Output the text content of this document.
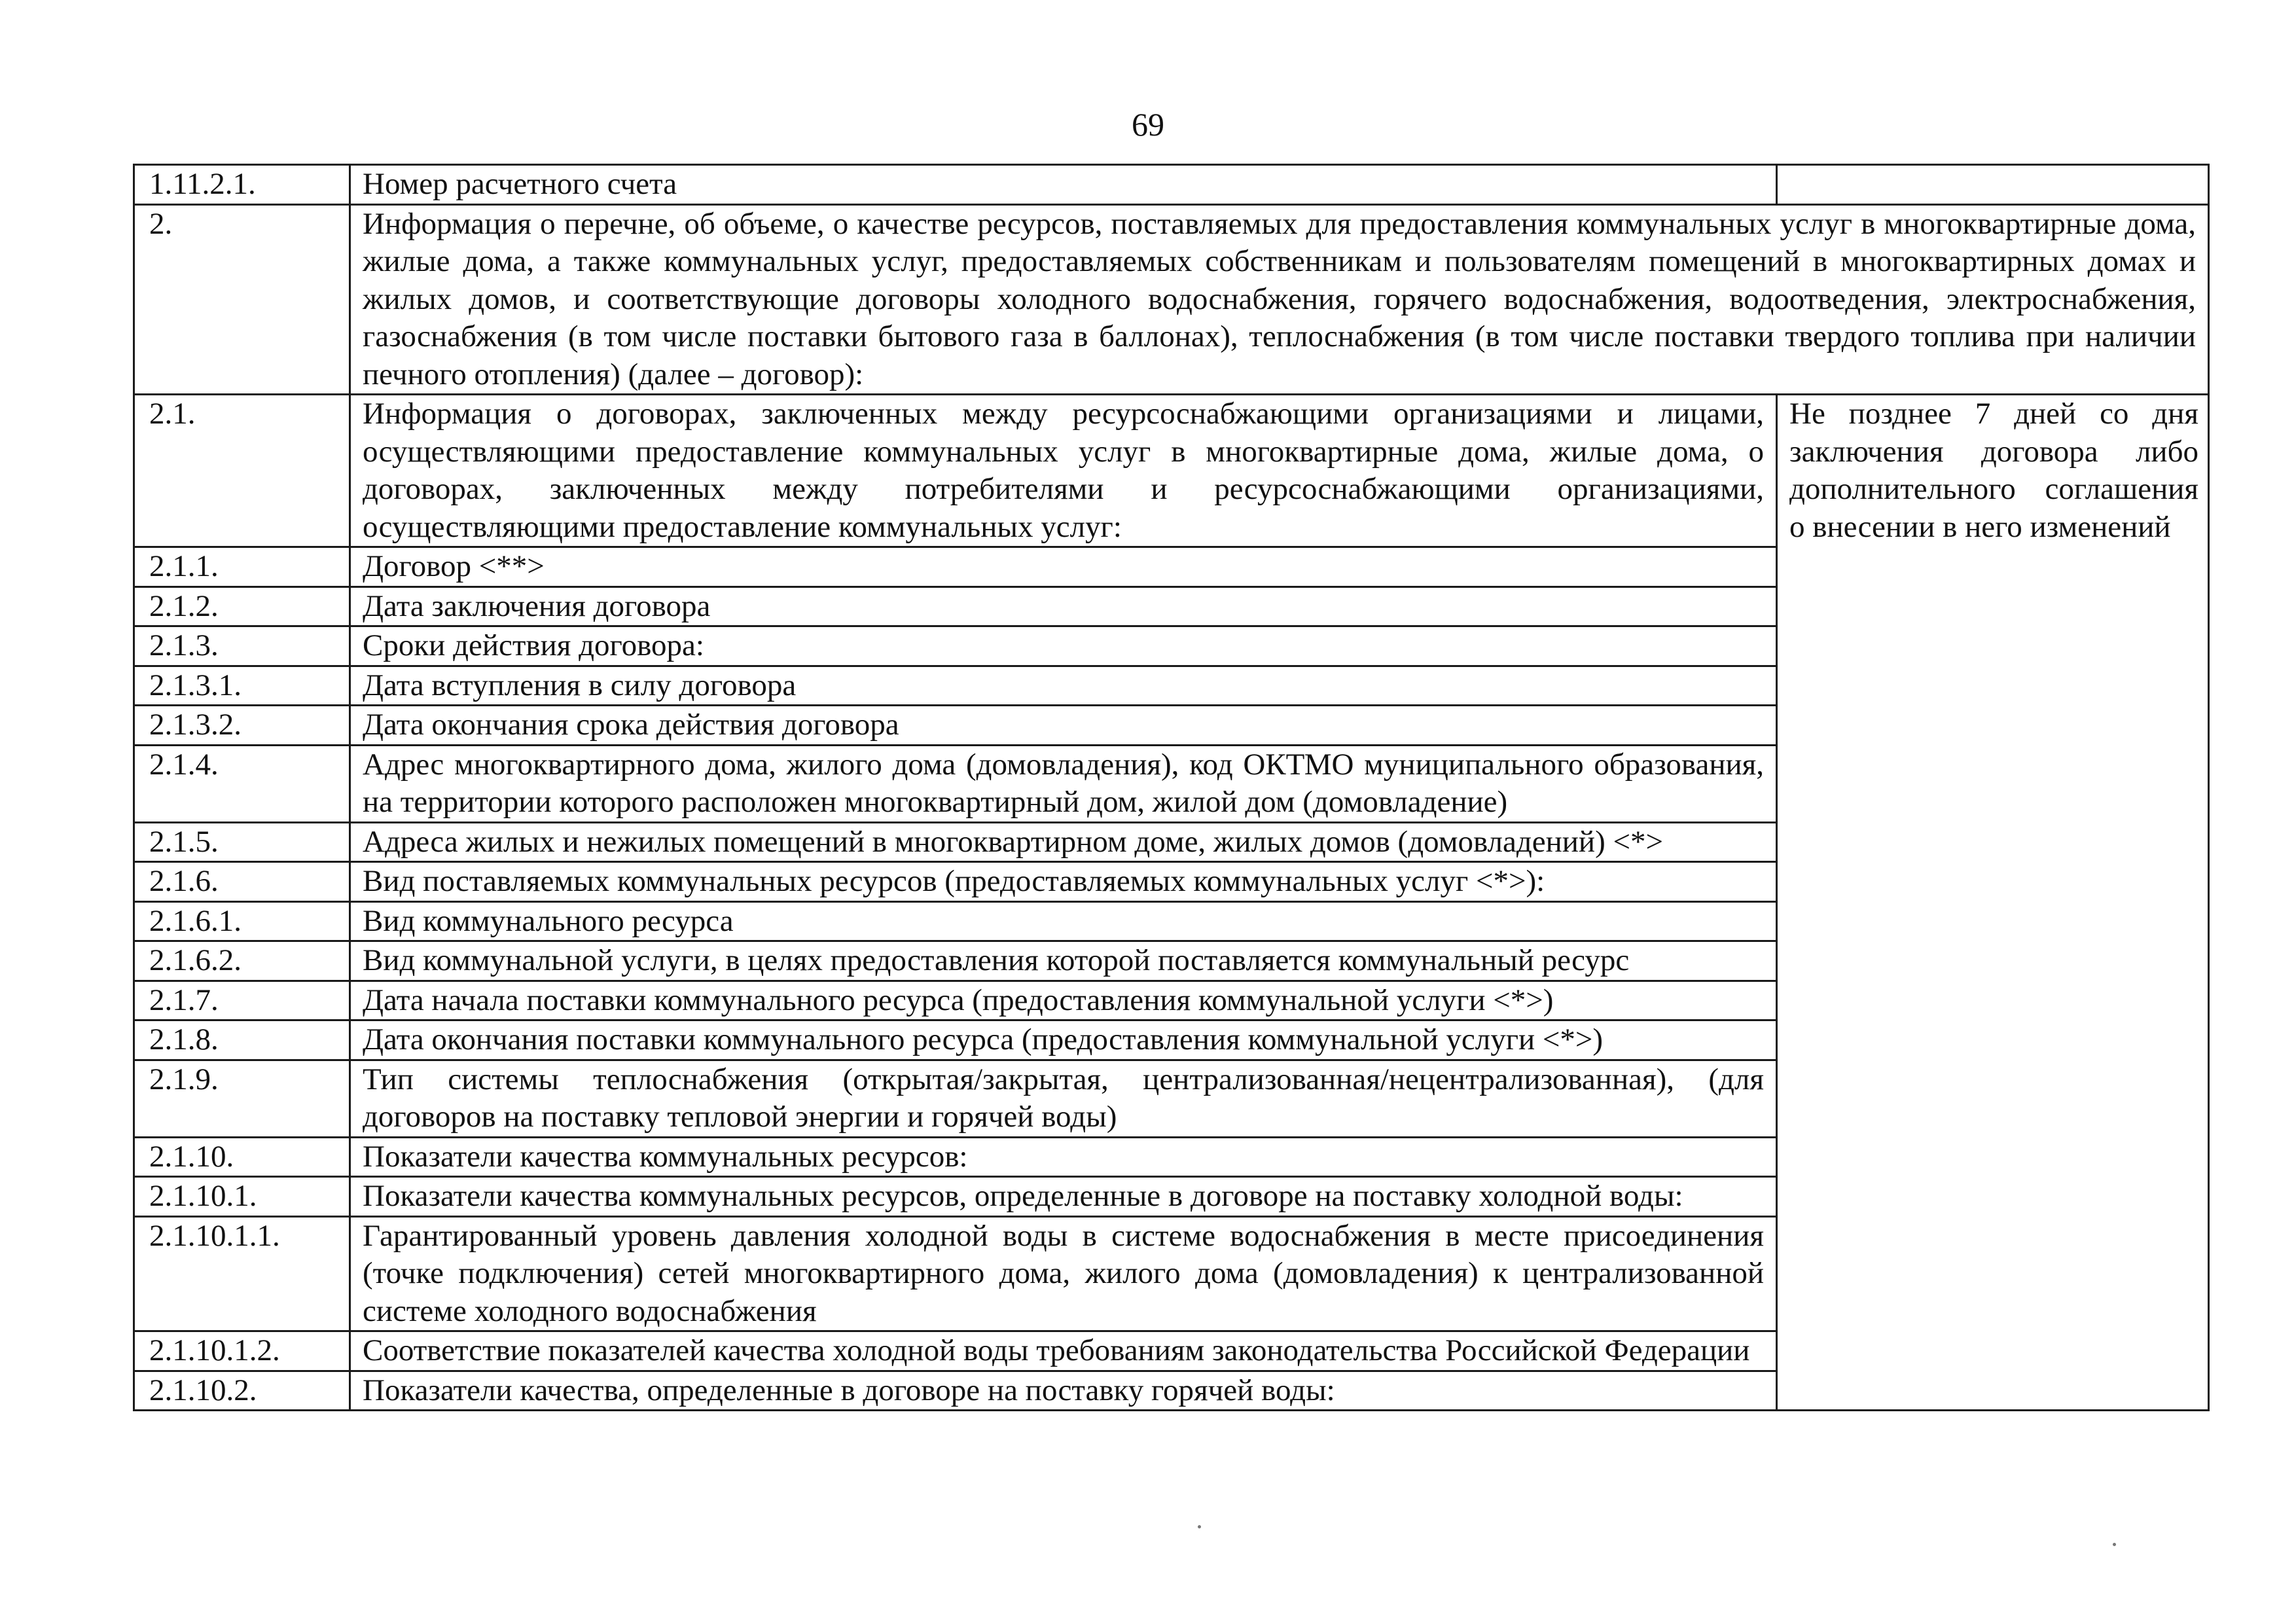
69
1.11.2.1.	Номер расчетного счета	
2.	Информация о перечне, об объеме, о качестве ресурсов, поставляемых для предоставления коммунальных услуг в многоквартирные дома, жилые дома, а также коммунальных услуг, предоставляемых собственникам и пользователям помещений в многоквартирных домах и жилых домов, и соответствующие договоры холодного водоснабжения, горячего водоснабжения, водоотведения, электроснабжения, газоснабжения (в том числе поставки бытового газа в баллонах), теплоснабжения (в том числе поставки твердого топлива при наличии печного отопления) (далее – договор):	
2.1.	Информация о договорах, заключенных между ресурсоснабжающими организациями и лицами, осуществляющими предоставление коммунальных услуг в многоквартирные дома, жилые дома, о договорах, заключенных между потребителями и ресурсоснабжающими организациями, осуществляющими предоставление коммунальных услуг:	Не позднее 7 дней со дня заключения договора либо дополнительного соглашения о внесении в него изменений
2.1.1.	Договор <**>	
2.1.2.	Дата заключения договора	
2.1.3.	Сроки действия договора:	
2.1.3.1.	Дата вступления в силу договора	
2.1.3.2.	Дата окончания срока действия договора	
2.1.4.	Адрес многоквартирного дома, жилого дома (домовладения), код ОКТМО муниципального образования, на территории которого расположен многоквартирный дом, жилой дом (домовладение)	
2.1.5.	Адреса жилых и нежилых помещений в многоквартирном доме, жилых домов (домовладений) <*>	
2.1.6.	Вид поставляемых коммунальных ресурсов (предоставляемых коммунальных услуг <*>):	
2.1.6.1.	Вид коммунального ресурса	
2.1.6.2.	Вид коммунальной услуги, в целях предоставления которой поставляется коммунальный ресурс	
2.1.7.	Дата начала поставки коммунального ресурса (предоставления коммунальной услуги <*>)	
2.1.8.	Дата окончания поставки коммунального ресурса (предоставления коммунальной услуги <*>)	
2.1.9.	Тип системы теплоснабжения (открытая/закрытая, централизованная/нецентрализованная), (для договоров на поставку тепловой энергии и горячей воды)	
2.1.10.	Показатели качества коммунальных ресурсов:	
2.1.10.1.	Показатели качества коммунальных ресурсов, определенные в договоре на поставку холодной воды:	
2.1.10.1.1.	Гарантированный уровень давления холодной воды в системе водоснабжения в месте присоединения (точке подключения) сетей многоквартирного дома, жилого дома (домовладения) к централизованной системе холодного водоснабжения	
2.1.10.1.2.	Соответствие показателей качества холодной воды требованиям законодательства Российской Федерации	
2.1.10.2.	Показатели качества, определенные в договоре на поставку горячей воды:	
